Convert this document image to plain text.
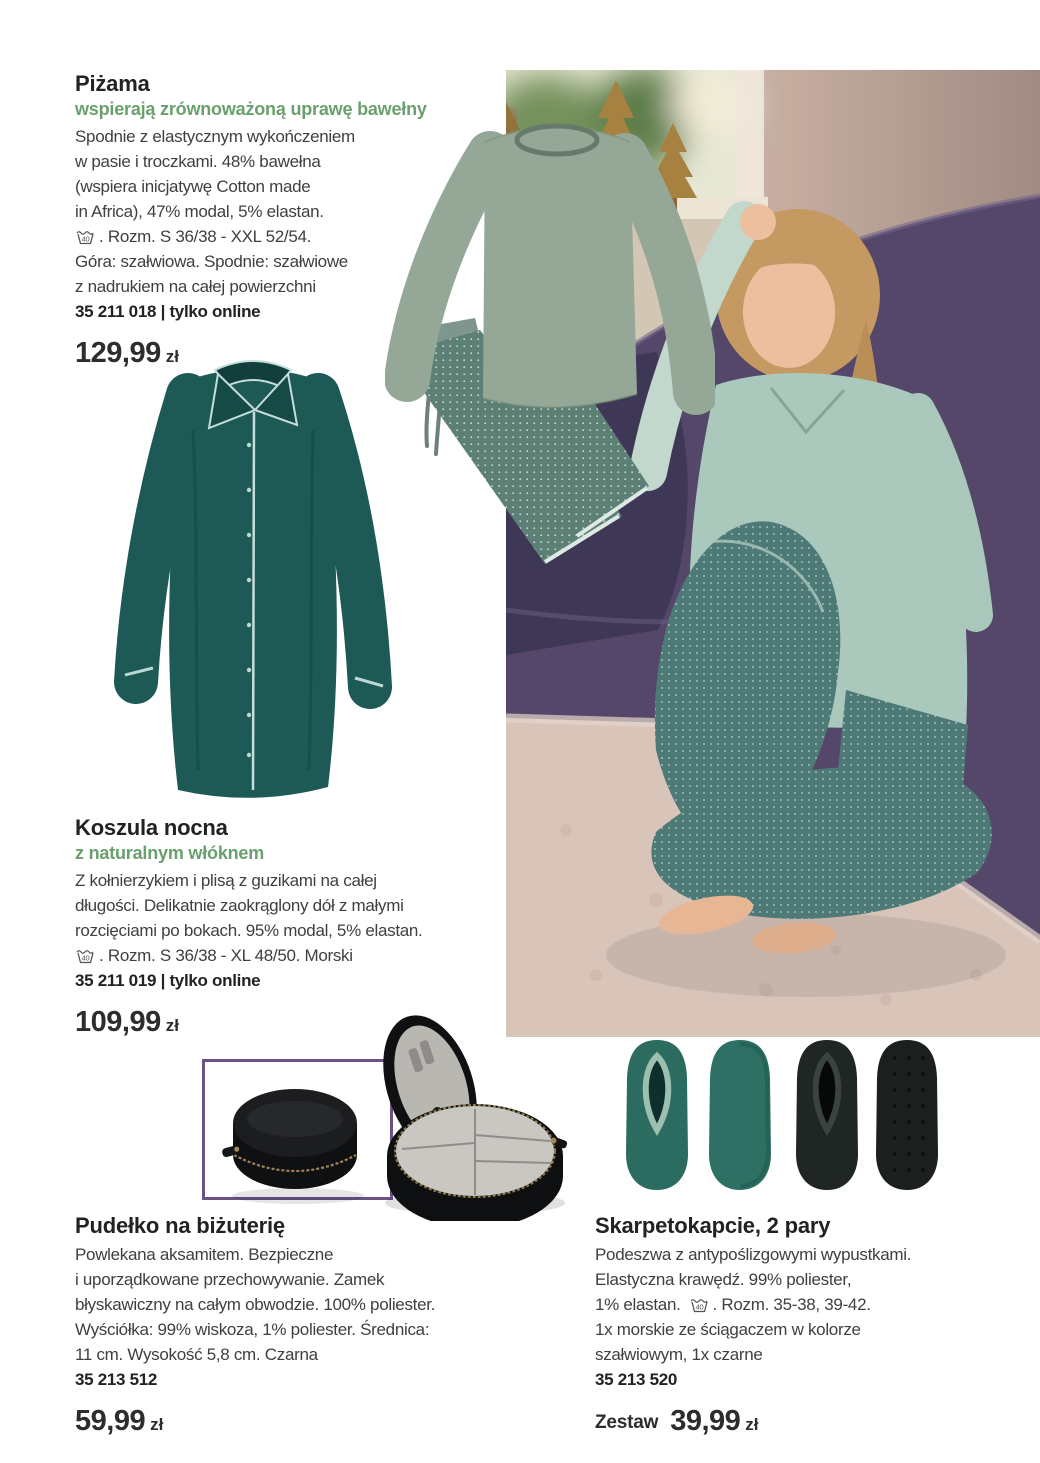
Piżama

wspierają zrównoważoną uprawę bawełny

Spodnie z elastycznym wykończeniem

w pasie i troczkami. 48% bawełna

(wspiera inicjatywę Cotton made

in Africa), 47% modal, 5% elastan.

40 . Rozm. S 36/38 - XXL 52/54.

Góra: szałwiowa. Spodnie: szałwiowe

z nadrukiem na całej powierzchni

35 211 018 | tylko online

129,99 zł
Koszula nocna

z naturalnym włóknem

Z kołnierzykiem i plisą z guzikami na całej

długości. Delikatnie zaokrąglony dół z małymi

rozcięciami po bokach. 95% modal, 5% elastan.

40 . Rozm. S 36/38 - XL 48/50. Morski

35 211 019 | tylko online

109,99 zł
Pudełko na biżuterię

Powlekana aksamitem. Bezpieczne

i uporządkowane przechowywanie. Zamek

błyskawiczny na całym obwodzie. 100% poliester.

Wyściółka: 99% wiskoza, 1% poliester. Średnica:

11 cm. Wysokość 5,8 cm. Czarna

35 213 512

59,99 zł
Skarpetokapcie, 2 pary

Podeszwa z antypoślizgowymi wypustkami.

Elastyczna krawędź. 99% poliester,

1% elastan. 40 . Rozm. 35-38, 39-42.

1x morskie ze ściągaczem w kolorze

szałwiowym, 1x czarne

35 213 520

Zestaw 39,99 zł
